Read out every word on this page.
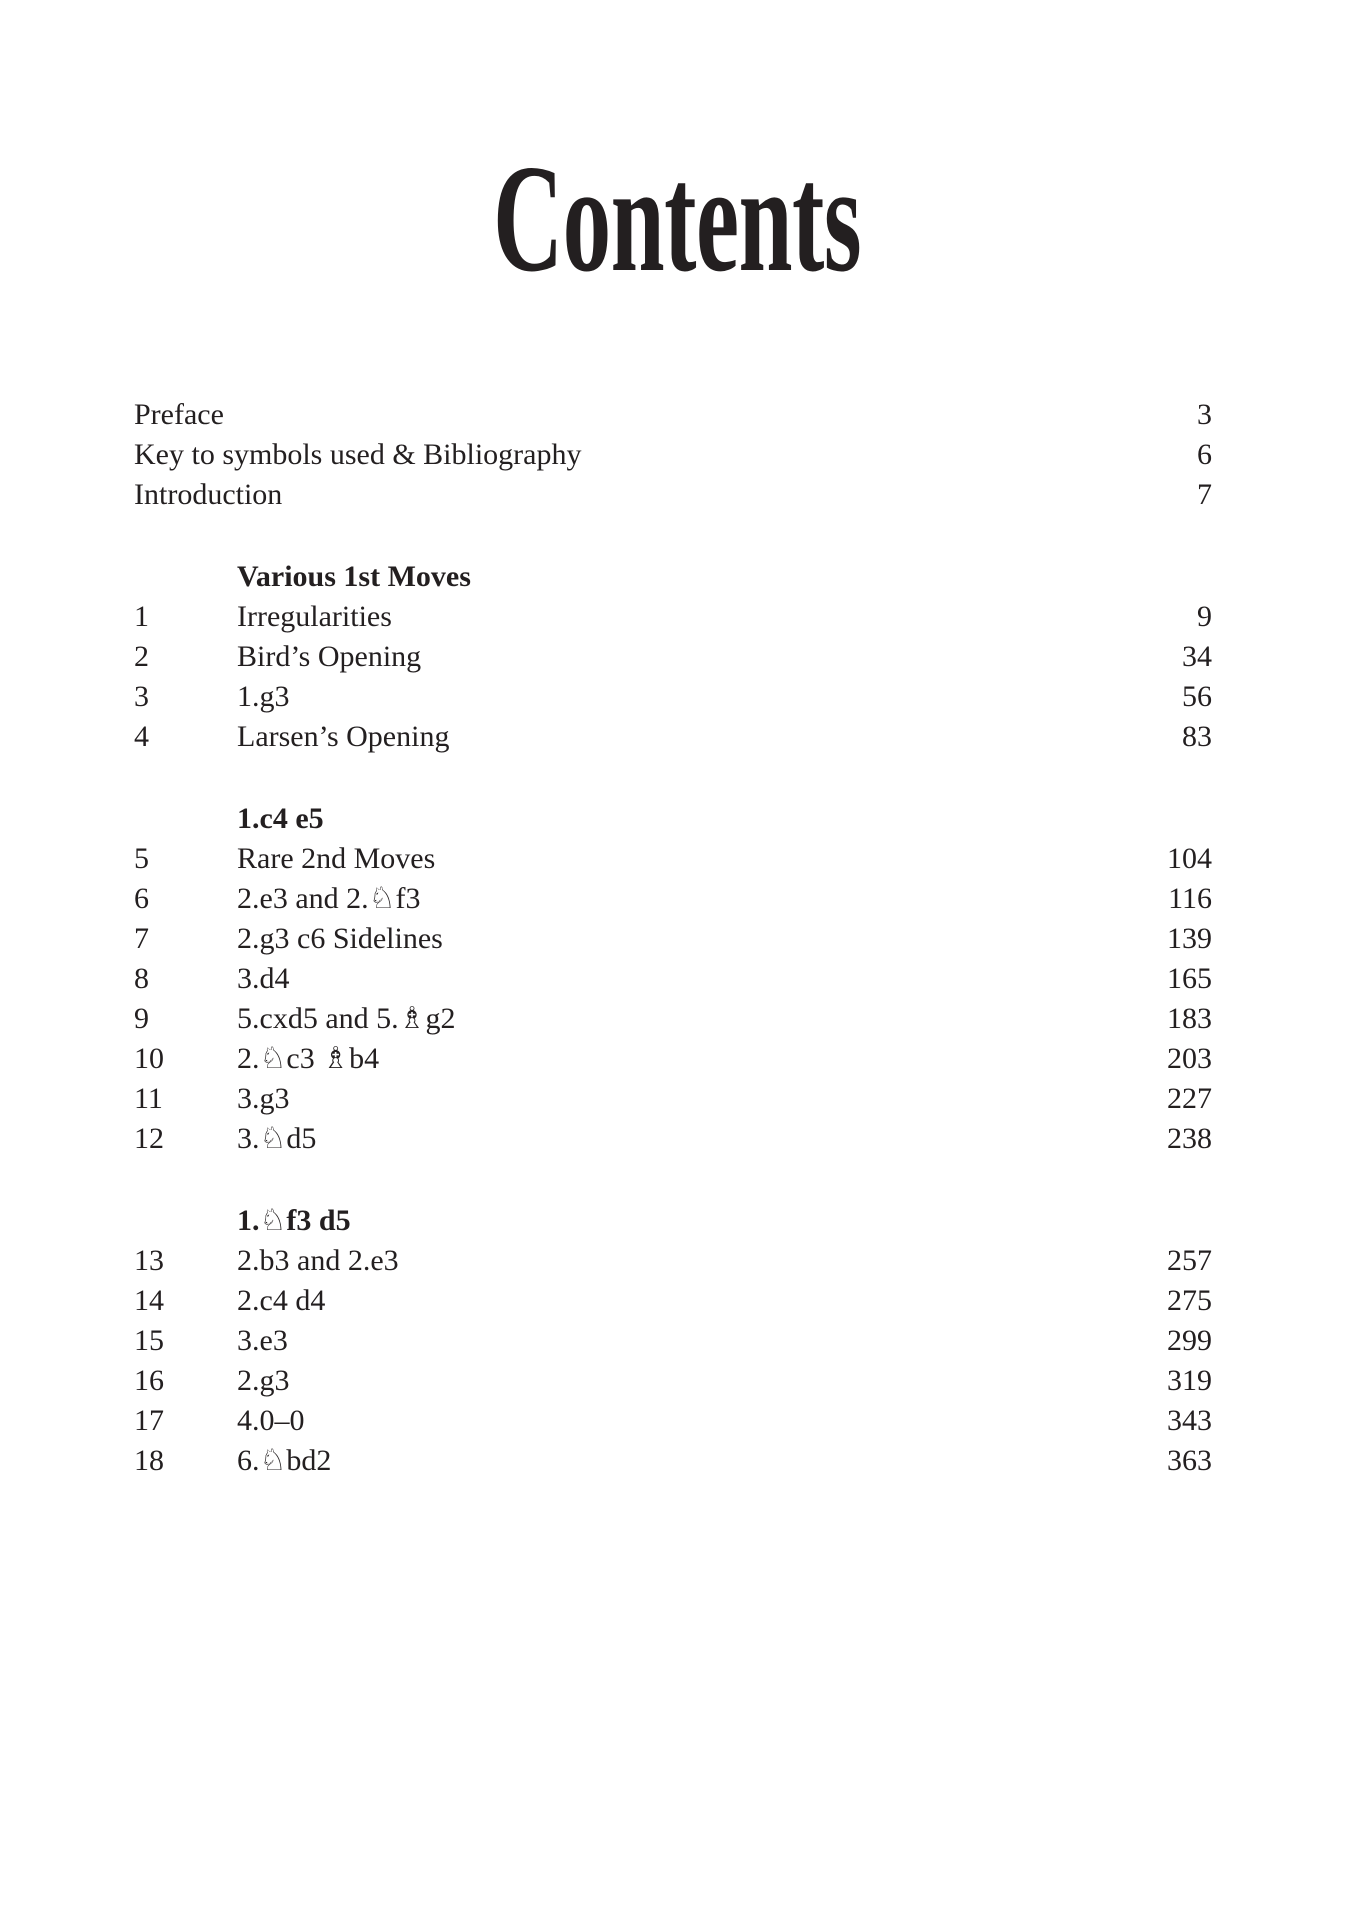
Contents
Preface	3
Key to symbols used & Bibliography	6
Introduction	7
Various 1st Moves
1	Irregularities	9
2	Bird’s Opening	34
3	1.g3	56
4	Larsen’s Opening	83
1.c4 e5
5	Rare 2nd Moves	104
6	2.e3 and 2.♘f3	116
7	2.g3 c6 Sidelines	139
8	3.d4	165
9	5.cxd5 and 5.♗g2	183
10	2.♘c3 ♗b4	203
11	3.g3	227
12	3.♘d5	238
1.♘f3 d5
13	2.b3 and 2.e3	257
14	2.c4 d4	275
15	3.e3	299
16	2.g3	319
17	4.0–0	343
18	6.♘bd2	363
